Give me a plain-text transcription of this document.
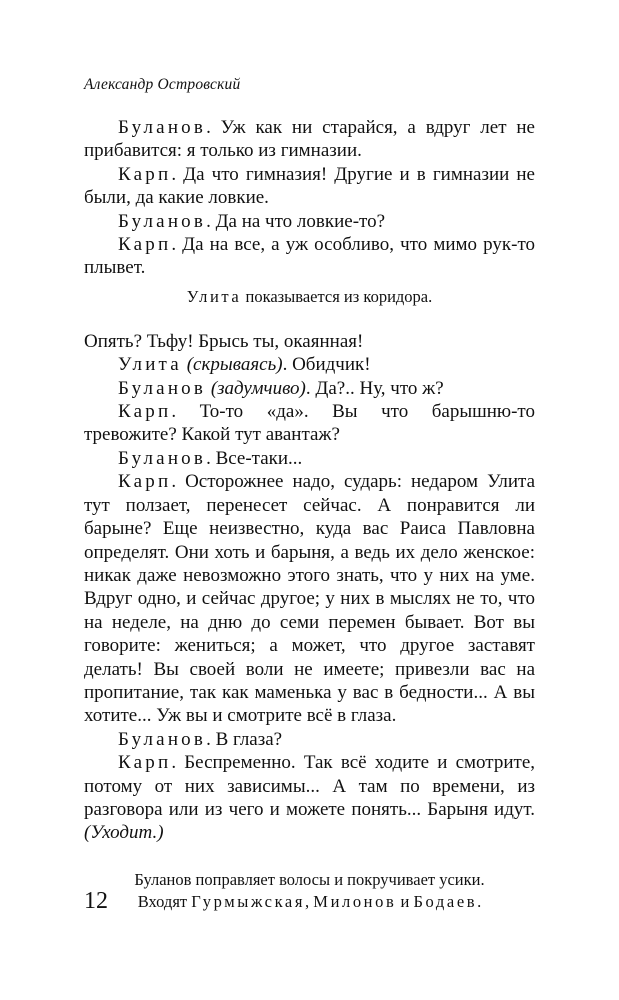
Александр Островский

Буланов. Уж как ни старайся, а вдруг лет не прибавится: я только из гимназии.

Карп. Да что гимназия! Другие и в гимназии не были, да какие ловкие.

Буланов. Да на что ловкие-то?

Карп. Да на все, а уж особливо, что мимо рук-то плывет.

Улита показывается из коридора.

Опять? Тьфу! Брысь ты, окаянная!

Улита (скрываясь). Обидчик!

Буланов (задумчиво). Да?.. Ну, что ж?

Карп. То-то «да». Вы что барышню-то тревожите? Какой тут авантаж?

Буланов. Все-таки...

Карп. Осторожнее надо, сударь: недаром Улита тут ползает, перенесет сейчас. А понравится ли барыне? Еще неизвестно, куда вас Раиса Павловна определят. Они хоть и барыня, а ведь их дело женское: никак даже невозможно этого знать, что у них на уме. Вдруг одно, и сейчас другое; у них в мыслях не то, что на неделе, на дню до семи перемен бывает. Вот вы говорите: жениться; а может, что другое заставят делать! Вы своей воли не имеете; привезли вас на пропитание, так как маменька у вас в бедности... А вы хотите... Уж вы и смотрите всё в глаза.

Буланов. В глаза?

Карп. Беспременно. Так всё ходите и смотрите, потому от них зависимы... А там по времени, из разговора или из чего и можете понять... Барыня идут. (Уходит.)

Буланов поправляет волосы и покручивает усики.
Входят Гурмыжская, Милонов и Бодаев.

12
